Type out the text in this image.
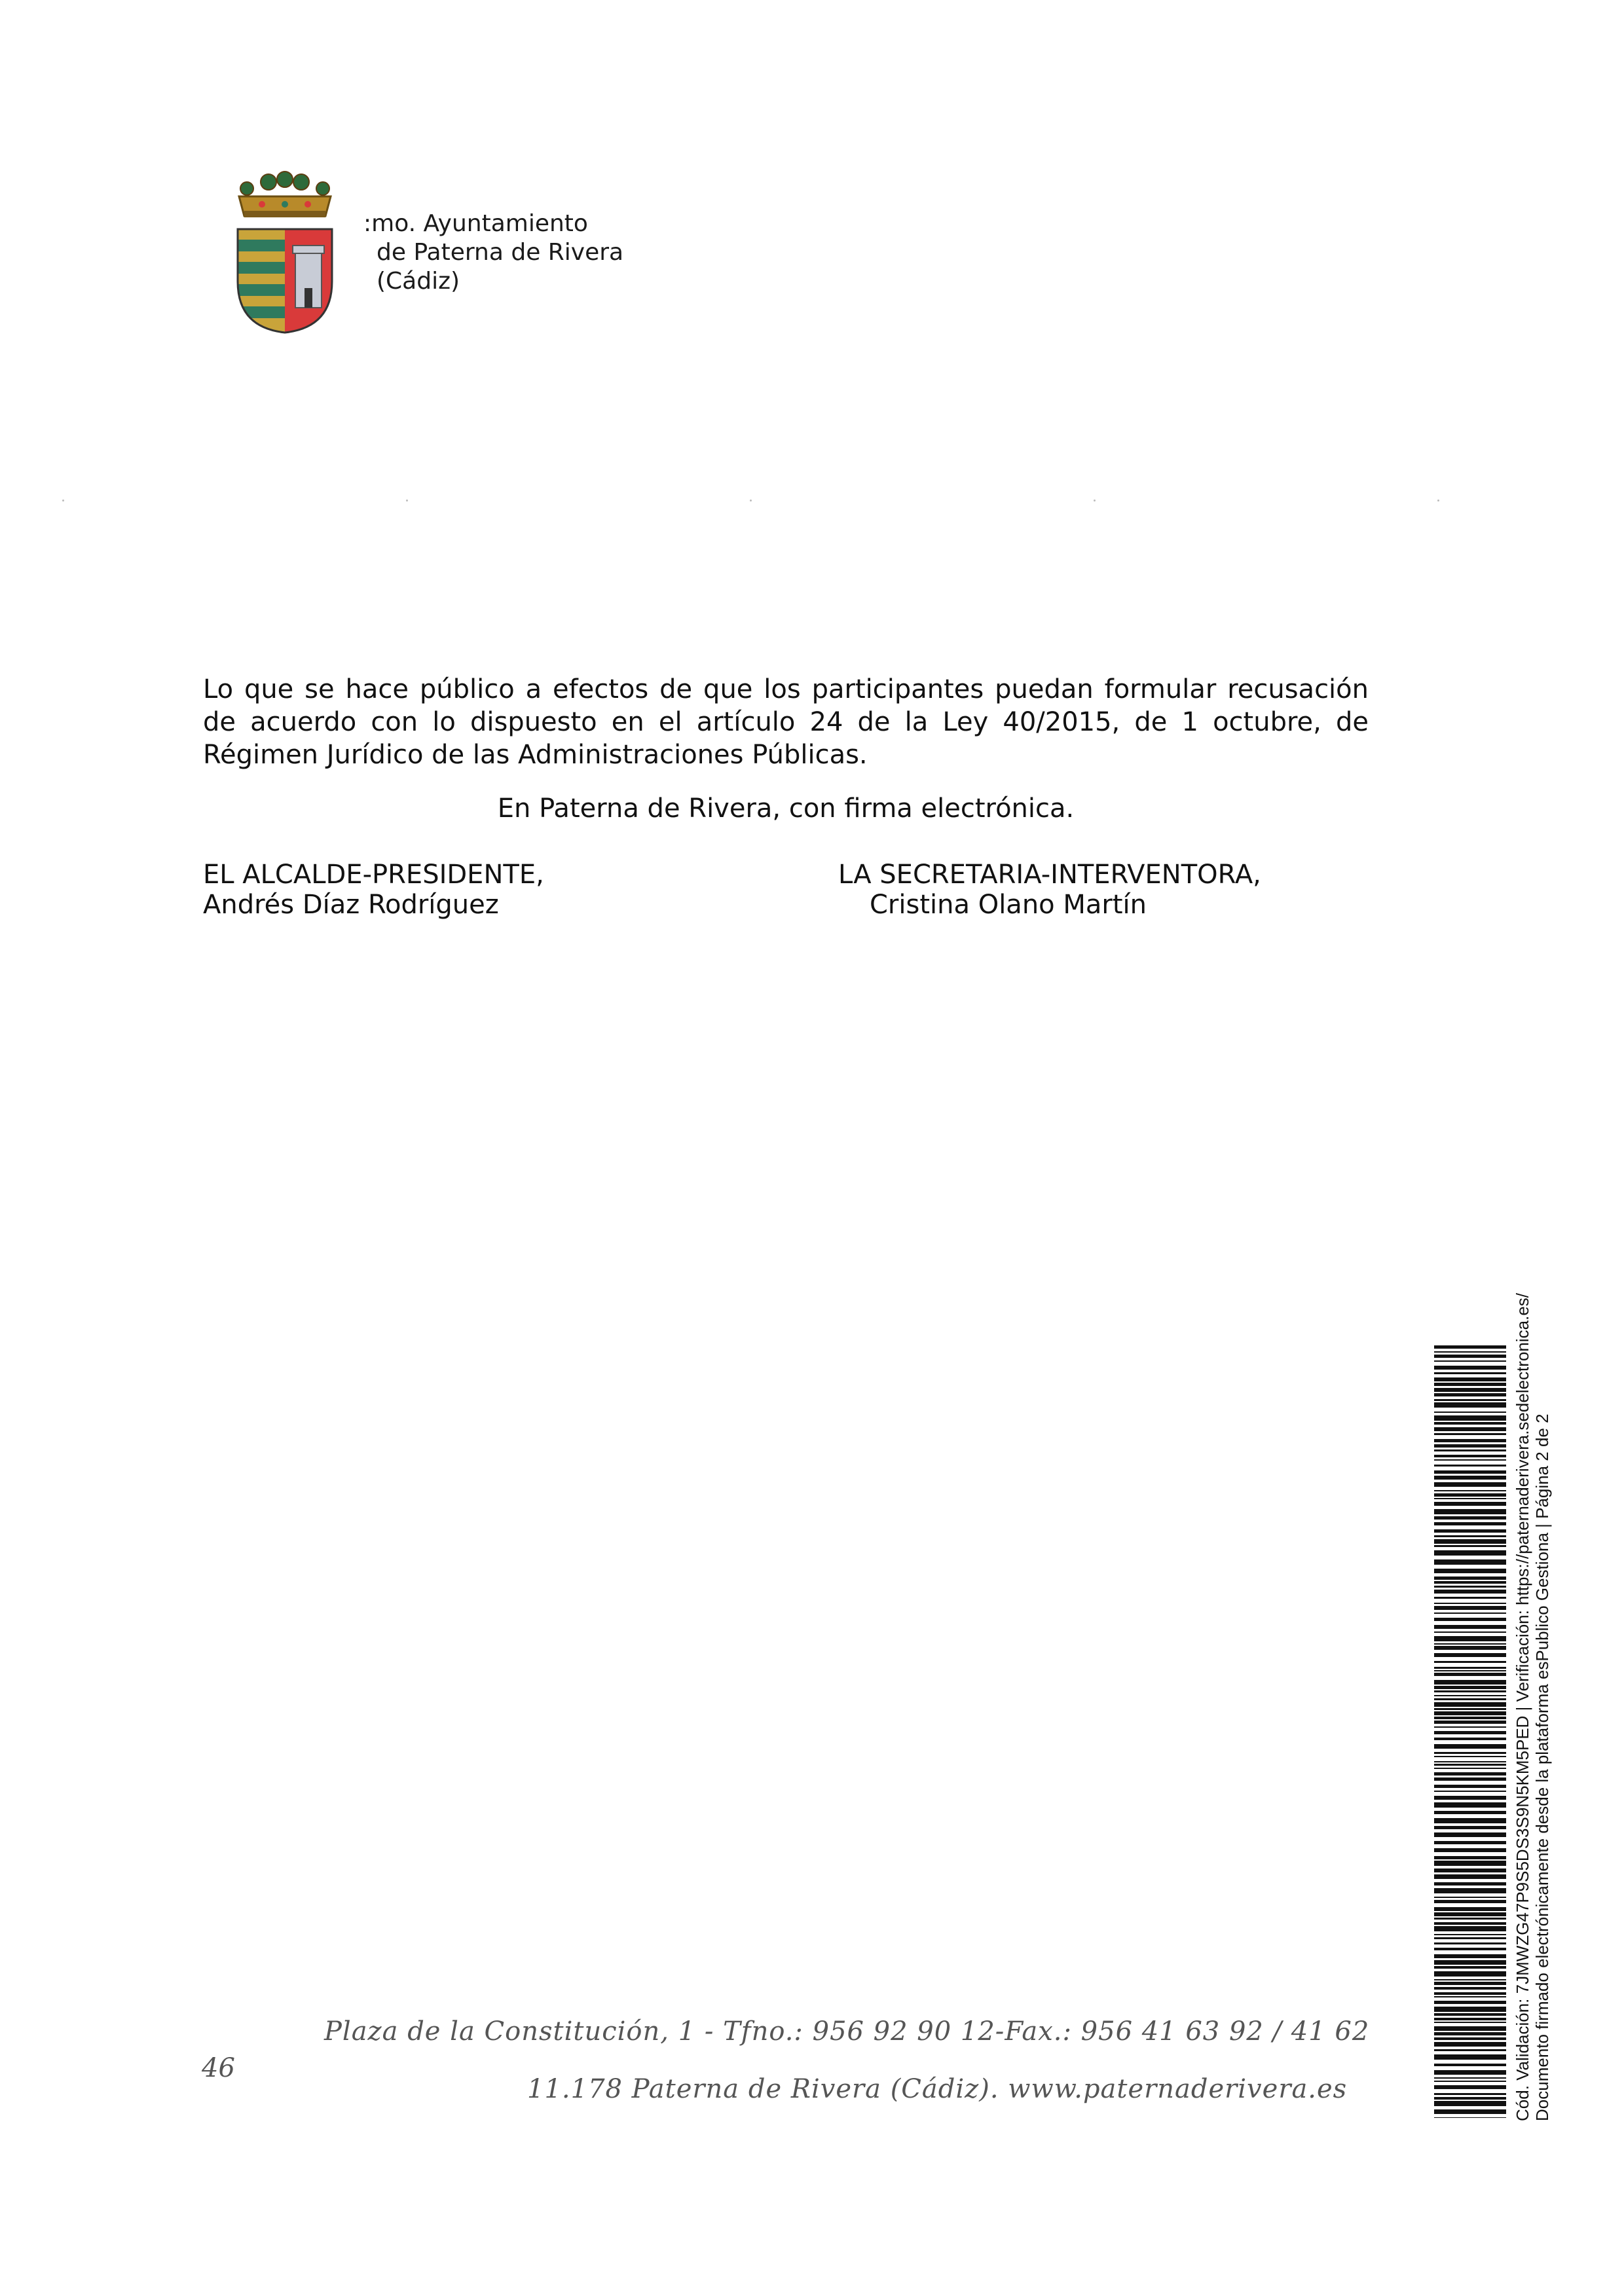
:mo. Ayuntamiento
de Paterna de Rivera
(Cádiz)
Lo que se hace público a efectos de que los participantes puedan formular recusación de acuerdo con lo dispuesto en el artículo 24 de la Ley 40/2015, de 1 octubre, de Régimen Jurídico de las Administraciones Públicas.
En Paterna de Rivera, con firma electrónica.
EL ALCALDE-PRESIDENTE,
Andrés Díaz Rodríguez
LA SECRETARIA-INTERVENTORA,
Cristina Olano Martín
46
Plaza de la Constitución, 1 - Tfno.: 956 92 90 12-Fax.: 956 41 63 92 / 41 62
11.178 Paterna de Rivera (Cádiz). www.paternaderivera.es	Cód. Validación: 7JMWZG47P9S5DS3S9N5KM5PED | Verificación: https://paternaderivera.sedelectronica.es/ Documento firmado electrónicamente desde la plataforma esPublico Gestiona | Página 2 de 2
